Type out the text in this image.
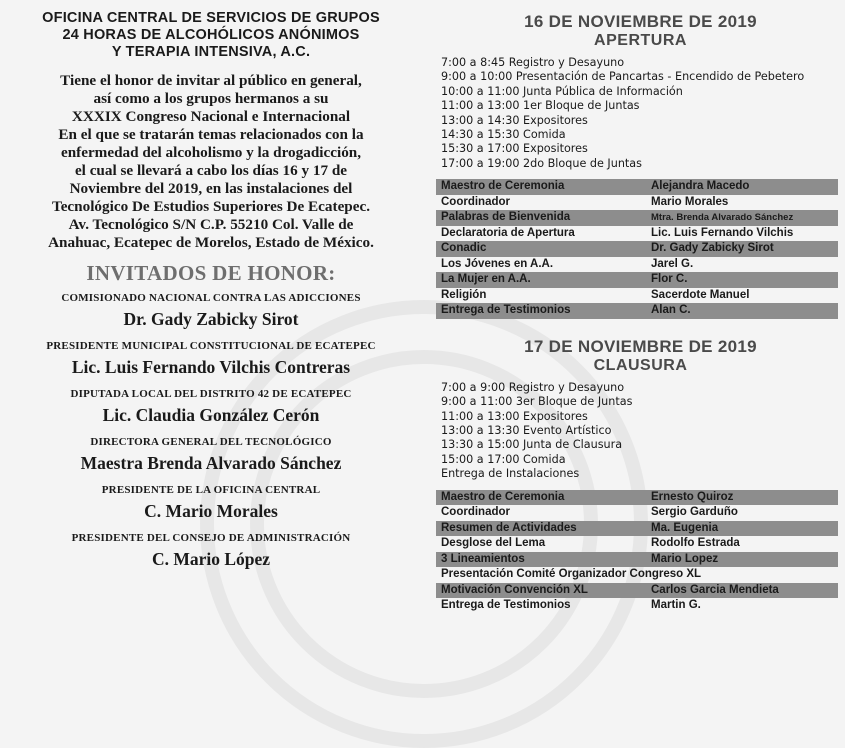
OFICINA CENTRAL DE SERVICIOS DE GRUPOS
24 HORAS DE ALCOHÓLICOS ANÓNIMOS
Y TERAPIA INTENSIVA, A.C.
Tiene el honor de invitar al público en general,
así como a los grupos hermanos a su
XXXIX Congreso Nacional e Internacional
En el que se tratarán temas relacionados con la
enfermedad del alcoholismo y la drogadicción,
el cual se llevará a cabo los días 16 y 17 de
Noviembre del 2019, en las instalaciones del
Tecnológico De Estudios Superiores De Ecatepec.
Av. Tecnológico S/N C.P. 55210 Col. Valle de
Anahuac, Ecatepec de Morelos, Estado de México.
INVITADOS DE HONOR:
COMISIONADO NACIONAL CONTRA LAS ADICCIONES
Dr. Gady Zabicky Sirot
PRESIDENTE MUNICIPAL CONSTITUCIONAL DE ECATEPEC
Lic. Luis Fernando Vilchis Contreras
DIPUTADA LOCAL DEL DISTRITO 42 DE ECATEPEC
Lic. Claudia González Cerón
DIRECTORA GENERAL DEL TECNOLÓGICO
Maestra Brenda Alvarado Sánchez
PRESIDENTE DE LA OFICINA CENTRAL
C. Mario Morales
PRESIDENTE DEL CONSEJO DE ADMINISTRACIÓN
C. Mario López
16 DE NOVIEMBRE DE 2019
APERTURA
7:00 a 8:45 Registro y Desayuno
9:00 a 10:00 Presentación de Pancartas - Encendido de Pebetero
10:00 a 11:00 Junta Pública de Información
11:00 a 13:00 1er Bloque de Juntas
13:00 a 14:30 Expositores
14:30 a 15:30 Comida
15:30 a 17:00 Expositores
17:00 a 19:00 2do Bloque de Juntas
Maestro de Ceremonia	Alejandra Macedo
Coordinador	Mario Morales
Palabras de Bienvenida	Mtra. Brenda Alvarado Sánchez
Declaratoria de Apertura	Lic. Luis Fernando Vilchis
Conadic	Dr. Gady Zabicky Sirot
Los Jóvenes en A.A.	Jarel G.
La Mujer en A.A.	Flor C.
Religión	Sacerdote Manuel
Entrega de Testimonios	Alan C.
17 DE NOVIEMBRE DE 2019
CLAUSURA
7:00 a 9:00 Registro y Desayuno
9:00 a 11:00 3er Bloque de Juntas
11:00 a 13:00 Expositores
13:00 a 13:30 Evento Artístico
13:30 a 15:00 Junta de Clausura
15:00 a 17:00 Comida
Entrega de Instalaciones
Maestro de Ceremonia	Ernesto Quiroz
Coordinador	Sergio Garduño
Resumen de Actividades	Ma. Eugenia
Desglose del Lema	Rodolfo Estrada
3 Lineamientos	Mario Lopez
Presentación Comité Organizador Congreso XL	
Motivación Convención XL	Carlos Garcia Mendieta
Entrega de Testimonios	Martin G.
